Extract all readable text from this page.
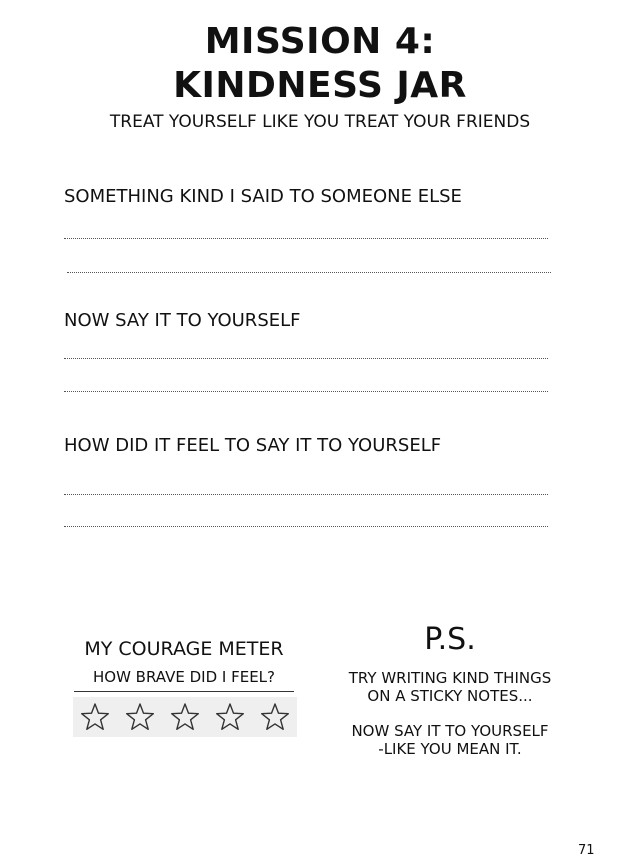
MISSION 4:
KINDNESS JAR
TREAT YOURSELF LIKE YOU TREAT YOUR FRIENDS
SOMETHING KIND I SAID TO SOMEONE ELSE
NOW SAY IT TO YOURSELF
HOW DID IT FEEL TO SAY IT TO YOURSELF
MY COURAGE METER
HOW BRAVE DID I FEEL?
P.S.
TRY WRITING KIND THINGS
ON A STICKY NOTES...
NOW SAY IT TO YOURSELF
-LIKE YOU MEAN IT.
71
